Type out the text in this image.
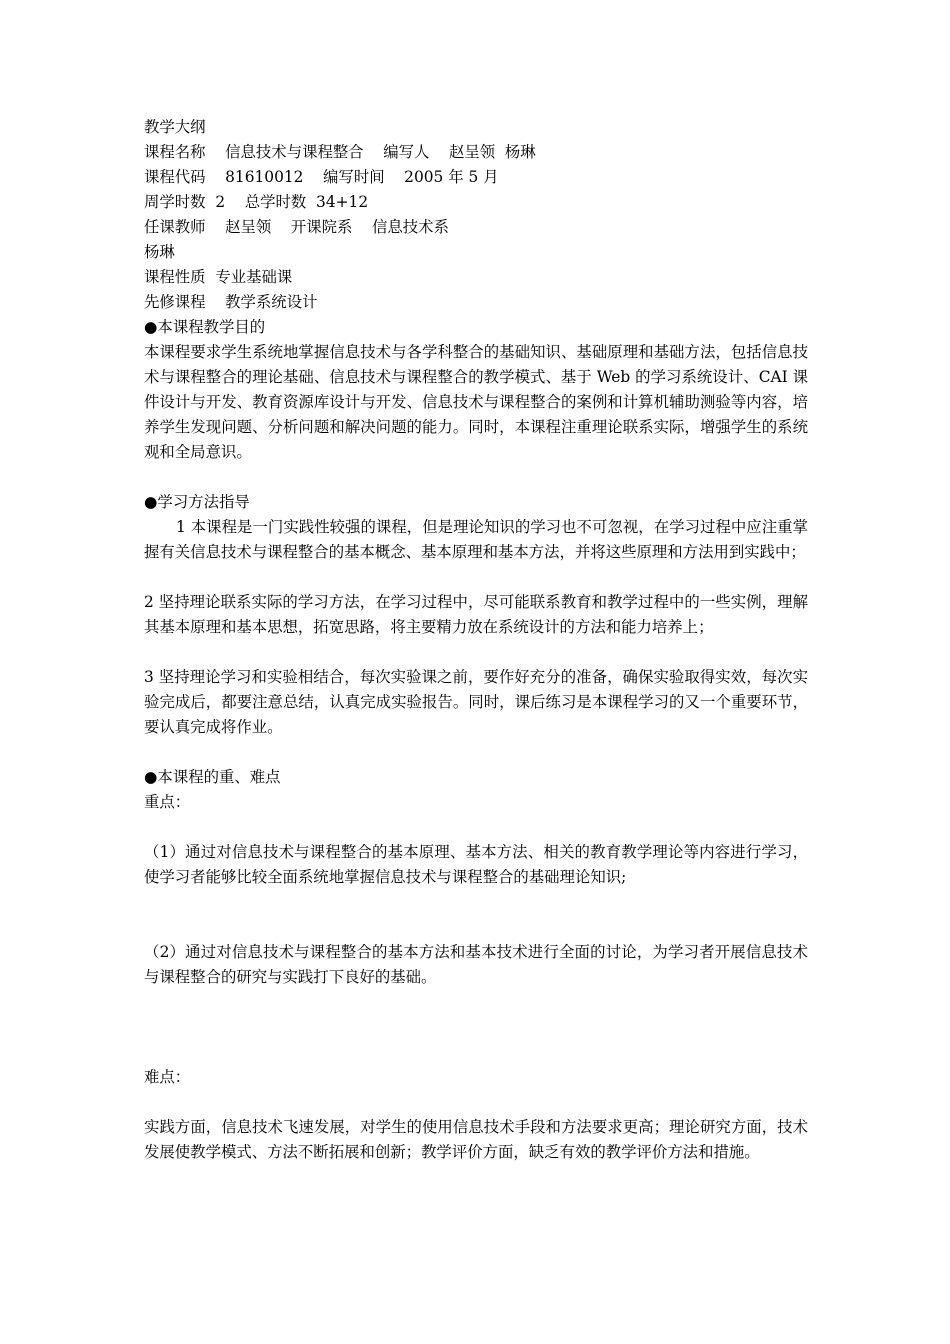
教学大纲
课程名称    信息技术与课程整合    编写人    赵呈领  杨琳
课程代码    81610012    编写时间    2005 年 5 月
周学时数  2    总学时数  34+12
任课教师    赵呈领    开课院系    信息技术系
杨琳
课程性质  专业基础课
先修课程    教学系统设计
●本课程教学目的
本课程要求学生系统地掌握信息技术与各学科整合的基础知识、基础原理和基础方法，包括信息技术与课程整合的理论基础、信息技术与课程整合的教学模式、基于 Web 的学习系统设计、CAI 课件设计与开发、教育资源库设计与开发、信息技术与课程整合的案例和计算机辅助测验等内容，培养学生发现问题、分析问题和解决问题的能力。同时，本课程注重理论联系实际，增强学生的系统观和全局意识。
●学习方法指导
1 本课程是一门实践性较强的课程，但是理论知识的学习也不可忽视，在学习过程中应注重掌握有关信息技术与课程整合的基本概念、基本原理和基本方法，并将这些原理和方法用到实践中；
2 坚持理论联系实际的学习方法，在学习过程中，尽可能联系教育和教学过程中的一些实例，理解其基本原理和基本思想，拓宽思路，将主要精力放在系统设计的方法和能力培养上；
3 坚持理论学习和实验相结合，每次实验课之前，要作好充分的准备，确保实验取得实效，每次实验完成后，都要注意总结，认真完成实验报告。同时，课后练习是本课程学习的又一个重要环节，要认真完成将作业。
●本课程的重、难点
重点：
（1）通过对信息技术与课程整合的基本原理、基本方法、相关的教育教学理论等内容进行学习，使学习者能够比较全面系统地掌握信息技术与课程整合的基础理论知识;
（2）通过对信息技术与课程整合的基本方法和基本技术进行全面的讨论，为学习者开展信息技术与课程整合的研究与实践打下良好的基础。
难点：
实践方面，信息技术飞速发展，对学生的使用信息技术手段和方法要求更高；理论研究方面，技术发展使教学模式、方法不断拓展和创新；教学评价方面，缺乏有效的教学评价方法和措施。
